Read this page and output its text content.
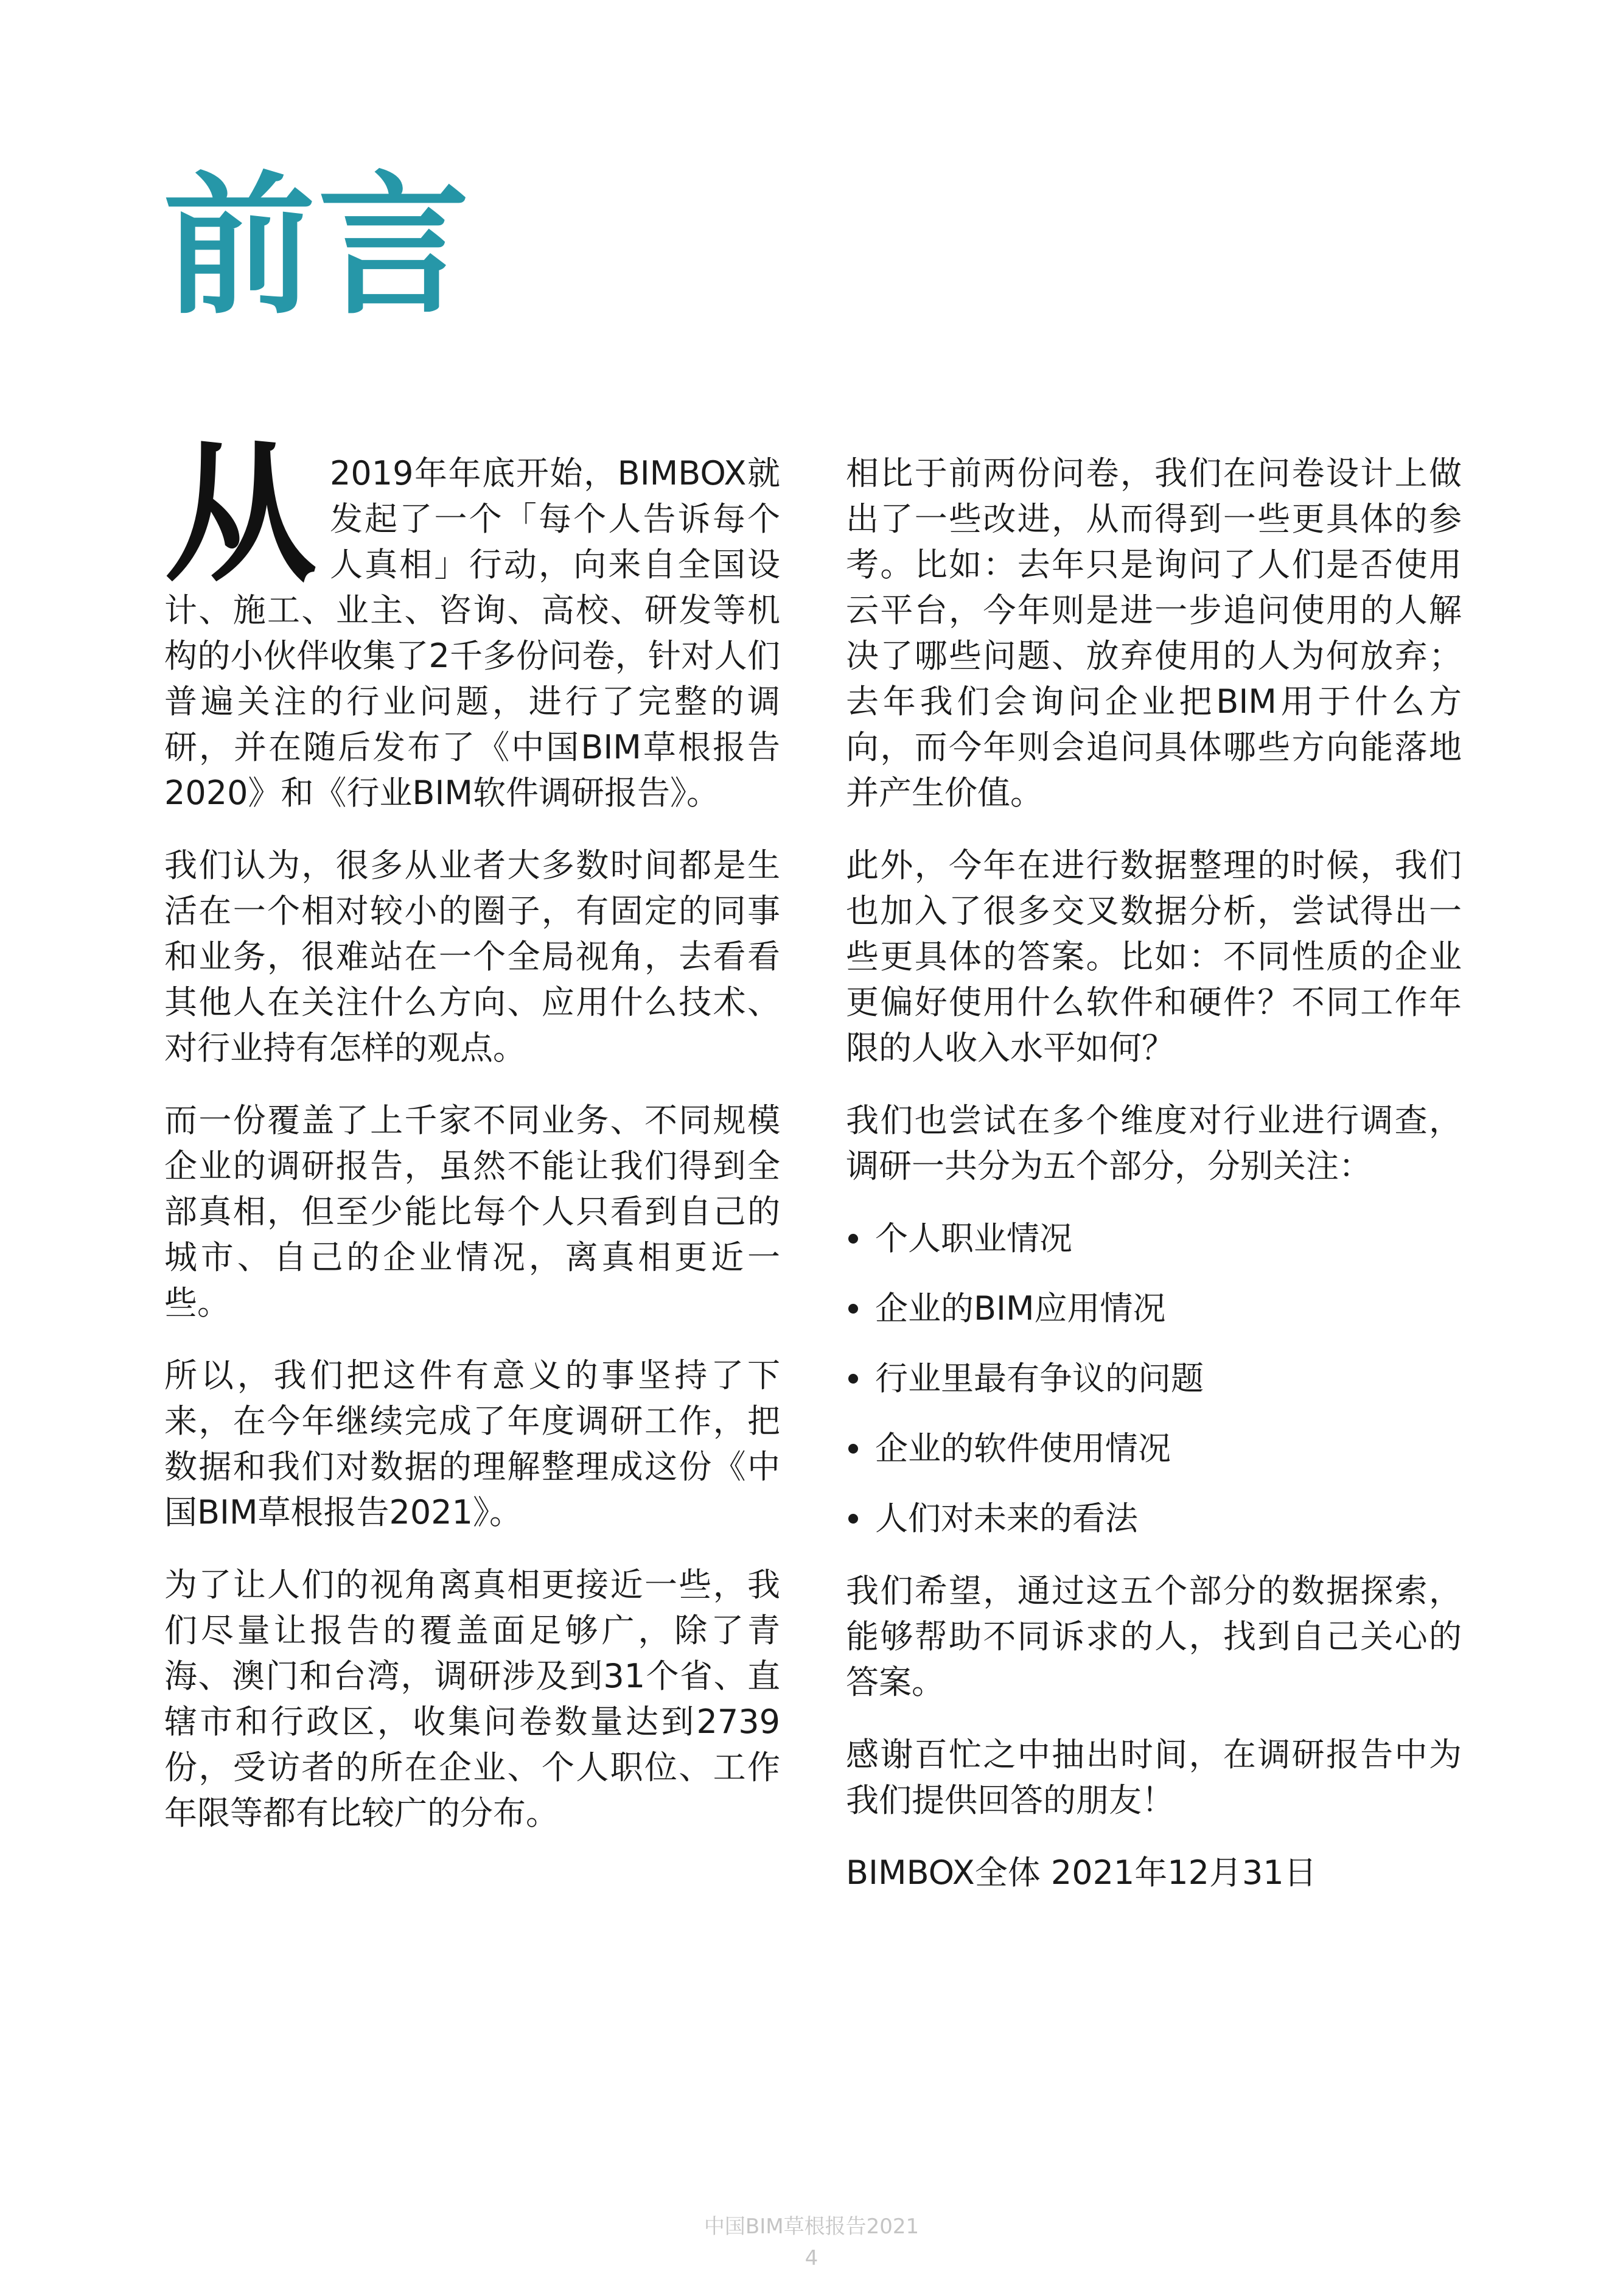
前言

从 2019年年底开始，BIMBOX就发起了一个「每个人告诉每个人真相」行动，向来自全国设计、施工、业主、咨询、高校、研发等机构的小伙伴收集了2千多份问卷，针对人们普遍关注的行业问题，进行了完整的调研，并在随后发布了《中国BIM草根报告2020》和《行业BIM软件调研报告》。

我们认为，很多从业者大多数时间都是生活在一个相对较小的圈子，有固定的同事和业务，很难站在一个全局视角，去看看其他人在关注什么方向、应用什么技术、对行业持有怎样的观点。

而一份覆盖了上千家不同业务、不同规模企业的调研报告，虽然不能让我们得到全部真相，但至少能比每个人只看到自己的城市、自己的企业情况，离真相更近一些。

所以，我们把这件有意义的事坚持了下来，在今年继续完成了年度调研工作，把数据和我们对数据的理解整理成这份《中国BIM草根报告2021》。

为了让人们的视角离真相更接近一些，我们尽量让报告的覆盖面足够广，除了青海、澳门和台湾，调研涉及到31个省、直辖市和行政区，收集问卷数量达到2739份，受访者的所在企业、个人职位、工作年限等都有比较广的分布。

相比于前两份问卷，我们在问卷设计上做出了一些改进，从而得到一些更具体的参考。比如：去年只是询问了人们是否使用云平台，今年则是进一步追问使用的人解决了哪些问题、放弃使用的人为何放弃；去年我们会询问企业把BIM用于什么方向，而今年则会追问具体哪些方向能落地并产生价值。

此外，今年在进行数据整理的时候，我们也加入了很多交叉数据分析，尝试得出一些更具体的答案。比如：不同性质的企业更偏好使用什么软件和硬件？不同工作年限的人收入水平如何？

我们也尝试在多个维度对行业进行调查，调研一共分为五个部分，分别关注：

个人职业情况
企业的BIM应用情况
行业里最有争议的问题
企业的软件使用情况
人们对未来的看法

我们希望，通过这五个部分的数据探索，能够帮助不同诉求的人，找到自己关心的答案。

感谢百忙之中抽出时间，在调研报告中为我们提供回答的朋友！

BIMBOX全体 2021年12月31日

中国BIM草根报告2021
4
